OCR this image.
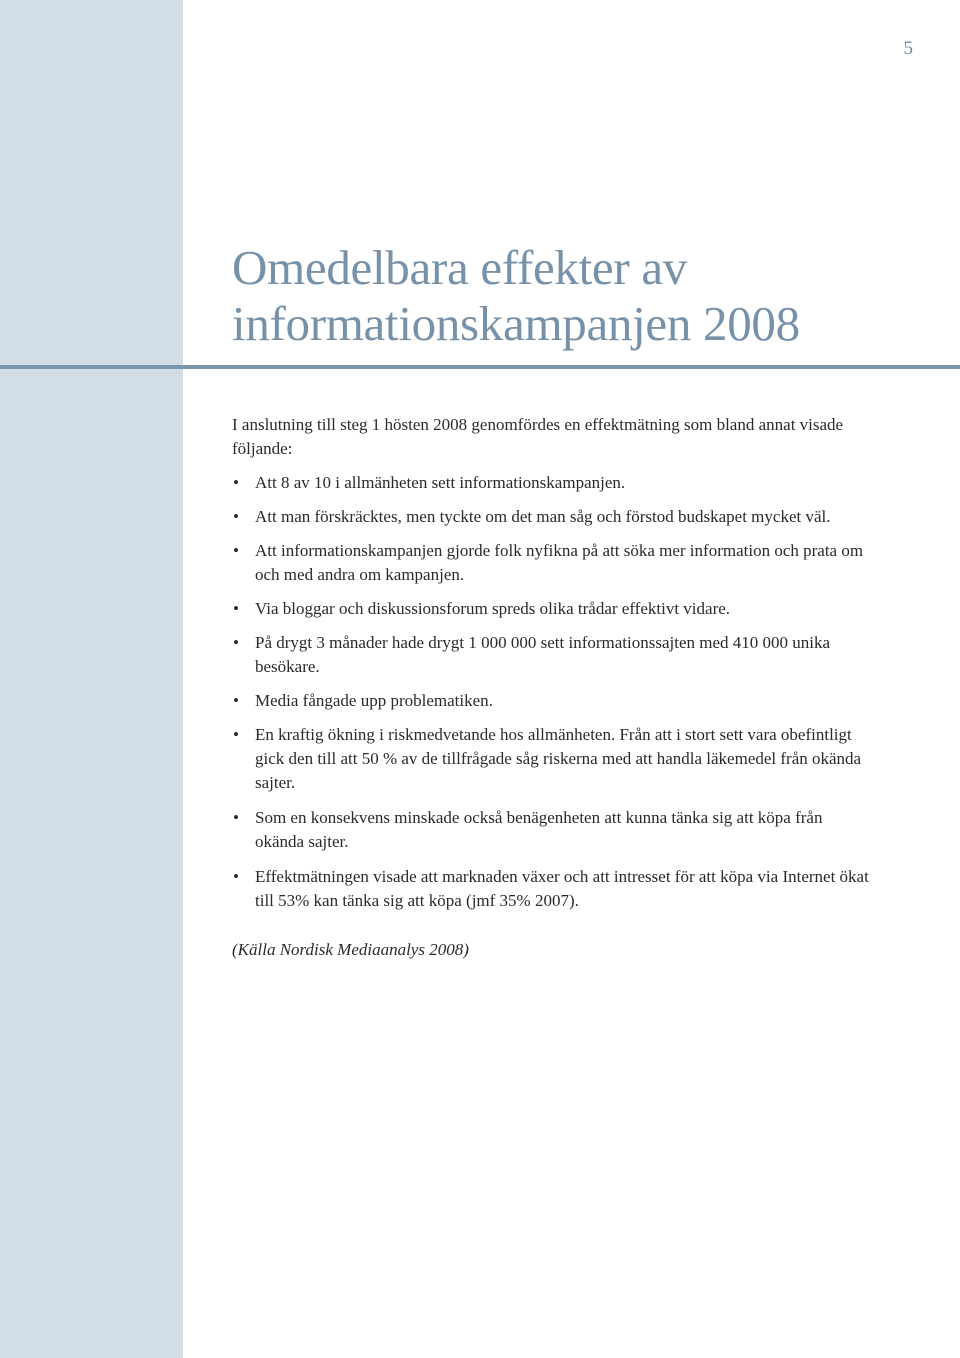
5
Omedelbara effekter av
informationskampanjen 2008

I anslutning till steg 1 hösten 2008 genomfördes en effektmätning som bland annat visade följande:

• Att 8 av 10 i allmänheten sett informationskampanjen.
• Att man förskräcktes, men tyckte om det man såg och förstod budskapet mycket väl.
• Att informationskampanjen gjorde folk nyfikna på att söka mer information och prata om och med andra om kampanjen.
• Via bloggar och diskussionsforum spreds olika trådar effektivt vidare.
• På drygt 3 månader hade drygt 1 000 000 sett informationssajten med 410 000 unika besökare.
• Media fångade upp problematiken.
• En kraftig ökning i riskmedvetande hos allmänheten. Från att i stort sett vara obefintligt gick den till att 50 % av de tillfrågade såg riskerna med att handla läkemedel från okända sajter.
• Som en konsekvens minskade också benägenheten att kunna tänka sig att köpa från okända sajter.
• Effektmätningen visade att marknaden växer och att intresset för att köpa via Internet ökat till 53% kan tänka sig att köpa (jmf 35% 2007).

(Källa Nordisk Mediaanalys 2008)
